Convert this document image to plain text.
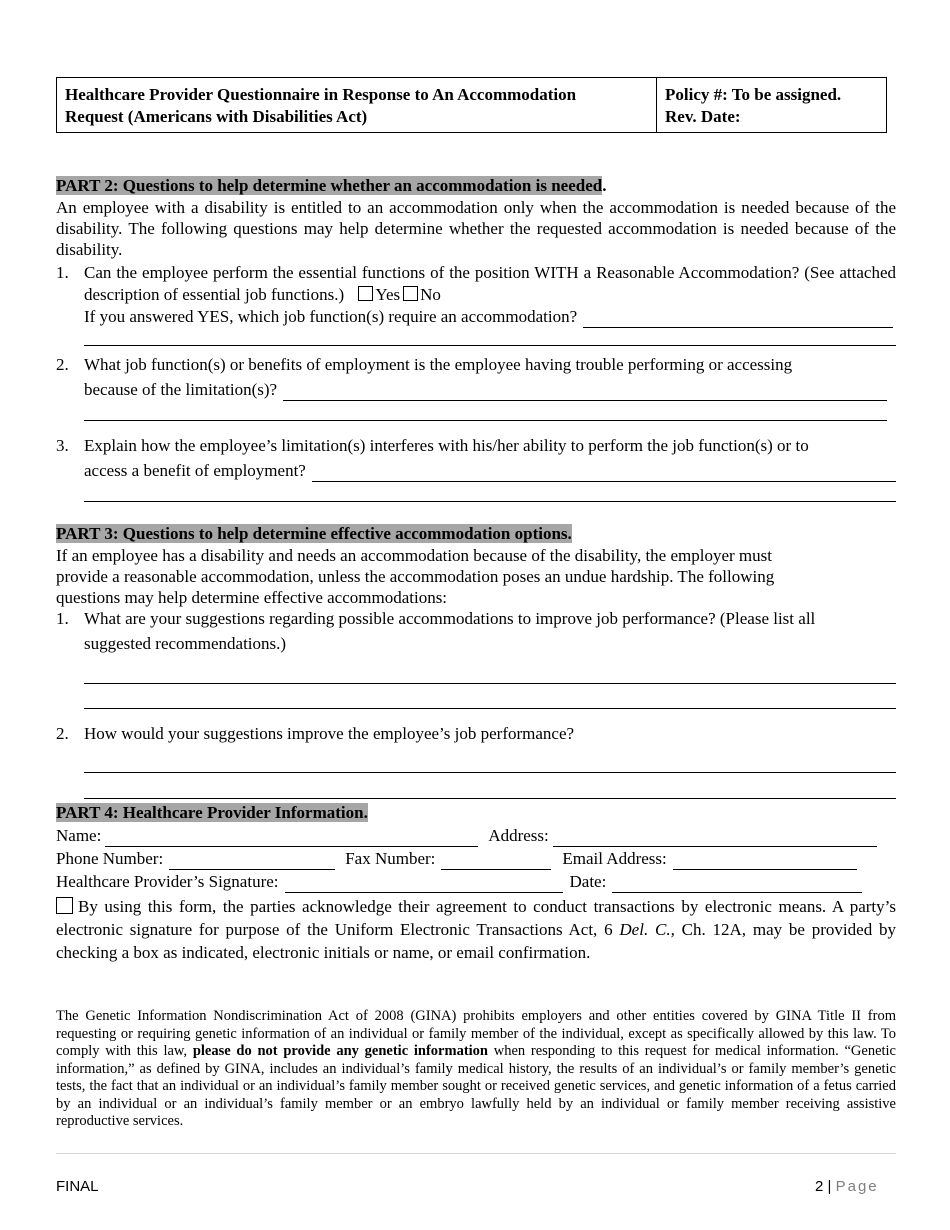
Healthcare Provider Questionnaire in Response to An Accommodation
Request (Americans with Disabilities Act)
Policy #: To be assigned.
Rev. Date:
PART 2: Questions to help determine whether an accommodation is needed.
An employee with a disability is entitled to an accommodation only when the accommodation is needed because of the disability. The following questions may help determine whether the requested accommodation is needed because of the disability.
1. Can the employee perform the essential functions of the position WITH a Reasonable Accommodation? (See attached description of essential job functions.) Yes No
If you answered YES, which job function(s) require an accommodation?
2. What job function(s) or benefits of employment is the employee having trouble performing or accessing
because of the limitation(s)?
3. Explain how the employee’s limitation(s) interferes with his/her ability to perform the job function(s) or to
access a benefit of employment?
PART 3: Questions to help determine effective accommodation options.
If an employee has a disability and needs an accommodation because of the disability, the employer must
provide a reasonable accommodation, unless the accommodation poses an undue hardship. The following
questions may help determine effective accommodations:
1. What are your suggestions regarding possible accommodations to improve job performance? (Please list all
suggested recommendations.)
2. How would your suggestions improve the employee’s job performance?
PART 4: Healthcare Provider Information.
Name:	Address:
Phone Number:	Fax Number:	Email Address:
Healthcare Provider’s Signature:	Date:
By using this form, the parties acknowledge their agreement to conduct transactions by electronic means. A party’s electronic signature for purpose of the Uniform Electronic Transactions Act, 6 Del. C., Ch. 12A, may be provided by checking a box as indicated, electronic initials or name, or email confirmation.
The Genetic Information Nondiscrimination Act of 2008 (GINA) prohibits employers and other entities covered by GINA Title II from requesting or requiring genetic information of an individual or family member of the individual, except as specifically allowed by this law. To comply with this law, please do not provide any genetic information when responding to this request for medical information. “Genetic information,” as defined by GINA, includes an individual’s family medical history, the results of an individual’s or family member’s genetic tests, the fact that an individual or an individual’s family member sought or received genetic services, and genetic information of a fetus carried by an individual or an individual’s family member or an embryo lawfully held by an individual or family member receiving assistive reproductive services.
FINAL	2 | Page
